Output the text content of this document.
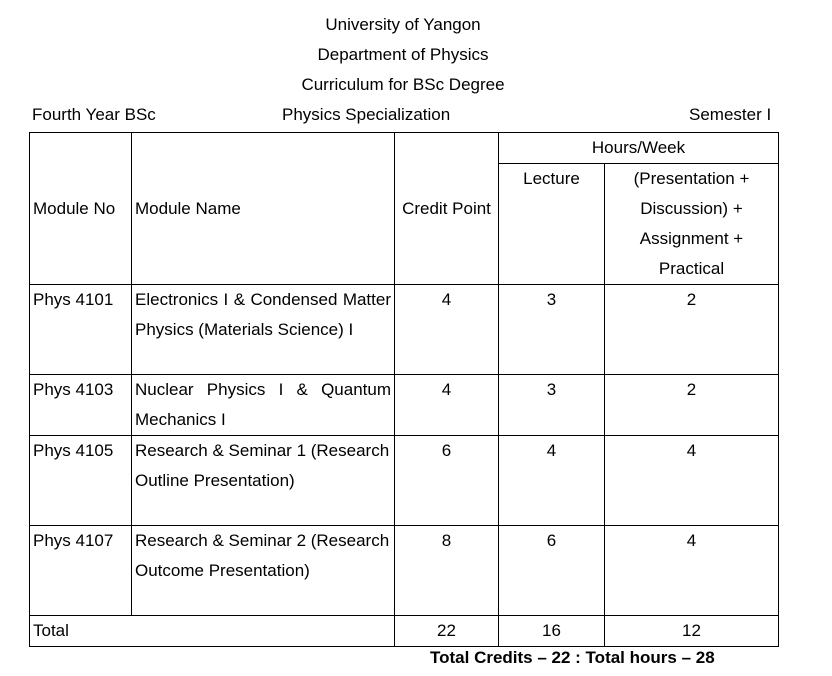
University of Yangon
Department of Physics
Curriculum for BSc Degree
Fourth Year BSc	Physics Specialization	Semester I
Module No	Module Name	Credit Point	Hours/Week	
			Lecture	(Presentation + Discussion) + Assignment + Practical
Phys 4101	Electronics I & Condensed Matter Physics (Materials Science) I	4	3	2
Phys 4103	Nuclear Physics I & Quantum Mechanics I	4	3	2
Phys 4105	Research & Seminar 1 (Research Outline Presentation)	6	4	4
Phys 4107	Research & Seminar 2 (Research Outcome Presentation)	8	6	4
Total		22	16	12
Total Credits – 22 : Total hours – 28
